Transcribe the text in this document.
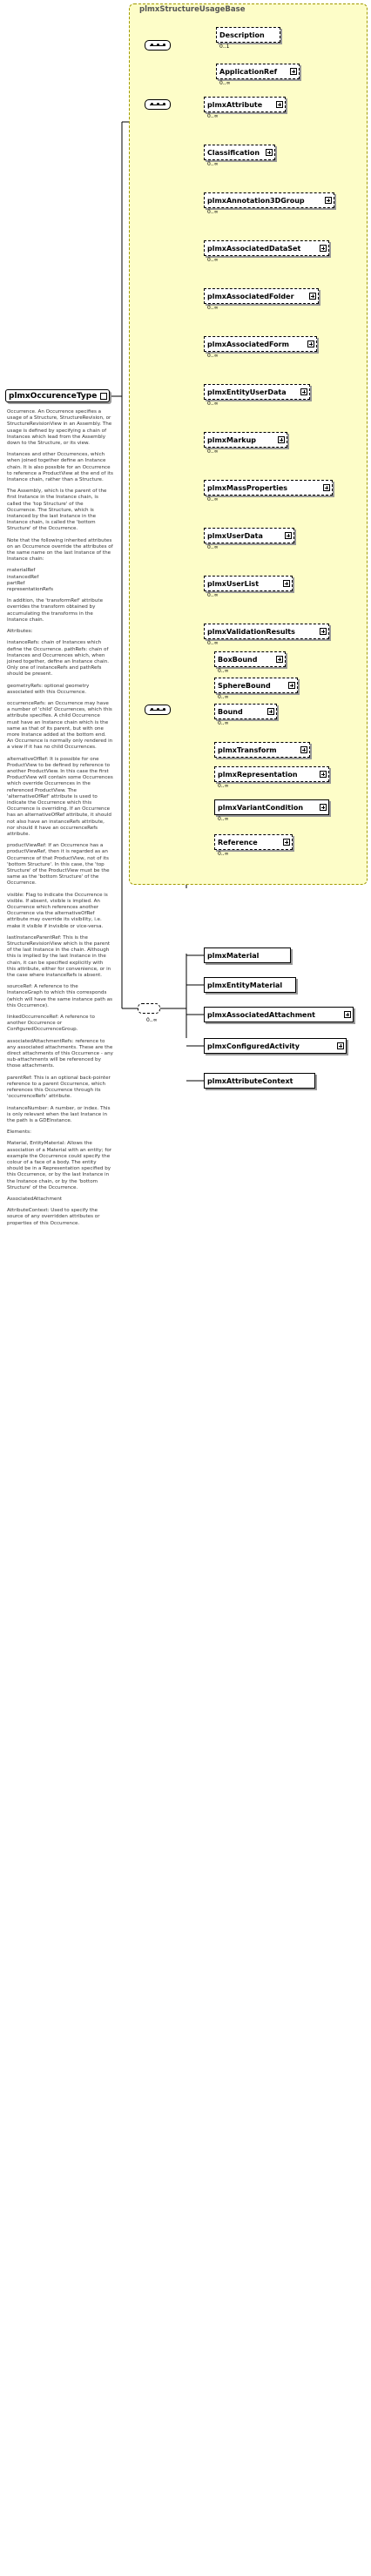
plmxOccurenceType

Occurrence. An Occurrence specifies a usage of a Structure, StructureRevision, or StructureRevisionView in an Assembly. The usage is defined by specifying a chain of Instances which lead from the Assembly down to the Structure, or its view.

Instances and other Occurrences, which when joined together define an Instance chain. It is also possible for an Occurrence to reference a ProductView at the end of its Instance chain, rather than a Structure.

The Assembly, which is the parent of the first Instance in the Instance chain, is called the 'top Structure' of the Occurrence. The Structure, which is instanced by the last Instance in the Instance chain, is called the 'bottom Structure' of the Occurrence.

Note that the following inherited attributes on an Occurrence override the attributes of the same name on the last Instance of the Instance chain:

materialRef
instancedRef
partRef
representationRefs

In addition, the 'transformRef' attribute overrides the transform obtained by accumulating the transforms in the Instance chain.

Attributes:

instanceRefs: chain of Instances which define the Occurrence. pathRefs: chain of Instances and Occurrences which, when joined together, define an Instance chain. Only one of instanceRefs and pathRefs should be present.

geometryRefs: optional geometry associated with this Occurrence.

occurrenceRefs: an Occurrence may have a number of 'child' Occurrences, which this attribute specifies. A child Occurrence must have an Instance chain which is the same as that of its parent, but with one more Instance added at the bottom end. An Occurrence is normally only rendered in a view if it has no child Occurrences.

alternativeOfRef: It is possible for one ProductView to be defined by reference to another ProductView. In this case the first ProductView will contain some Occurrences which override Occurrences in the referenced ProductView. The 'alternativeOfRef' attribute is used to indicate the Occurrence which this Occurrence is overriding. If an Occurrence has an alternativeOfRef attribute, it should not also have an instanceRefs attribute, nor should it have an occurrenceRefs attribute.

productViewRef: If an Occurrence has a productViewRef, then it is regarded as an Occurrence of that ProductView, not of its 'bottom Structure'. In this case, the 'top Structure' of the ProductView must be the same as the 'bottom Structure' of the Occurrence.

visible: Flag to indicate the Occurrence is visible. If absent, visible is implied. An Occurrence which references another Occurrence via the alternativeOfRef attribute may override its visibility, i.e. make it visible if invisible or vice-versa.

lastInstanceParentRef: This is the StructureRevisionView which is the parent of the last Instance in the chain. Although this is implied by the last Instance in the chain, it can be specified explicitly with this attribute, either for convenience, or in the case where instanceRefs is absent.

sourceRef: A reference to the InstanceGraph to which this corresponds (which will have the same instance path as this Occurrence).

linkedOccurrenceRef: A reference to another Occurrence or ConfiguredOccurrenceGroup.

associatedAttachmentRefs: reference to any associated attachments. These are the direct attachments of this Occurrence - any sub-attachments will be referenced by those attachments.

parentRef: This is an optional back-pointer reference to a parent Occurrence, which references this Occurrence through its 'occurrenceRefs' attribute.

instanceNumber: A number, or index. This is only relevant when the last Instance in the path is a GDEInstance.

Elements:

Material, EntityMaterial: Allows the association of a Material with an entity; for example the Occurrence could specify the colour of a face of a body. The entity should be in a Representation specified by this Occurrence, or by the last Instance in the Instance chain, or by the 'bottom Structure' of the Occurrence.

AssociatedAttachment

AttributeContext: Used to specify the source of any overridden attributes or properties of this Occurrence.

plmxStructureUsageBase
0..∞
Description
0..1
ApplicationRef
0..∞
plmxAttribute
0..∞
Classification
0..∞
plmxAnnotation3DGroup
0..∞
plmxAssociatedDataSet
0..∞
plmxAssociatedFolder
0..∞
plmxAssociatedForm
0..∞
plmxEntityUserData
0..∞
plmxMarkup
0..∞
plmxMassProperties
0..∞
plmxUserData
0..∞
plmxUserList
0..∞
plmxValidationResults
0..∞
BoxBound
0..∞
SphereBound
0..∞
Bound
0..∞
plmxTransform
plmxRepresentation
0..∞
plmxVariantCondition
0..∞
Reference
0..∞
plmxMaterial
plmxEntityMaterial
plmxAssociatedAttachment
plmxConfiguredActivity
plmxAttributeContext
